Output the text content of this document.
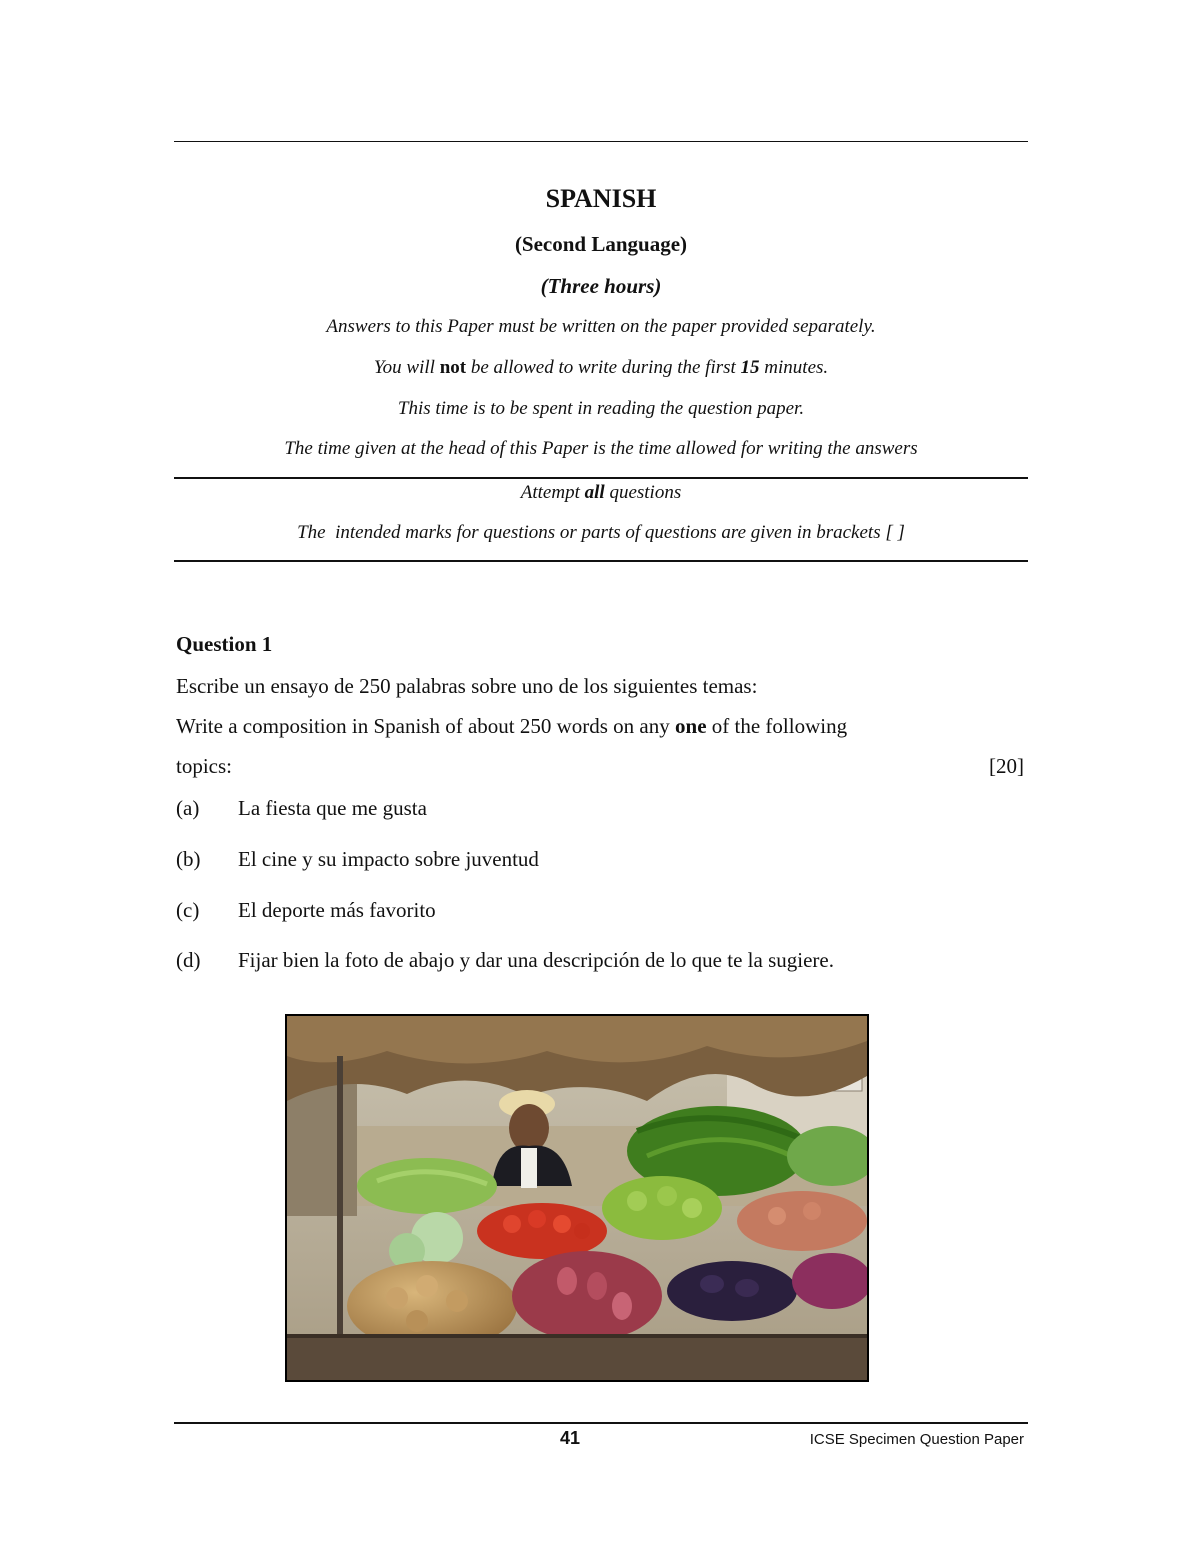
SPANISH
(Second Language)
(Three hours)
Answers to this Paper must be written on the paper provided separately.
You will not be allowed to write during the first 15 minutes.
This time is to be spent in reading the question paper.
The time given at the head of this Paper is the time allowed for writing the answers
Attempt all questions
The  intended marks for questions or parts of questions are given in brackets [ ]
Question 1
Escribe un ensayo de 250 palabras sobre uno de los siguientes temas:
Write a composition in Spanish of about 250 words on any one of the following
topics:	[20]
(a) La fiesta que me gusta
(b) El cine y su impacto sobre juventud
(c) El deporte más favorito
(d) Fijar bien la foto de abajo y dar una descripción de lo que te la sugiere.
41	ICSE Specimen Question Paper
